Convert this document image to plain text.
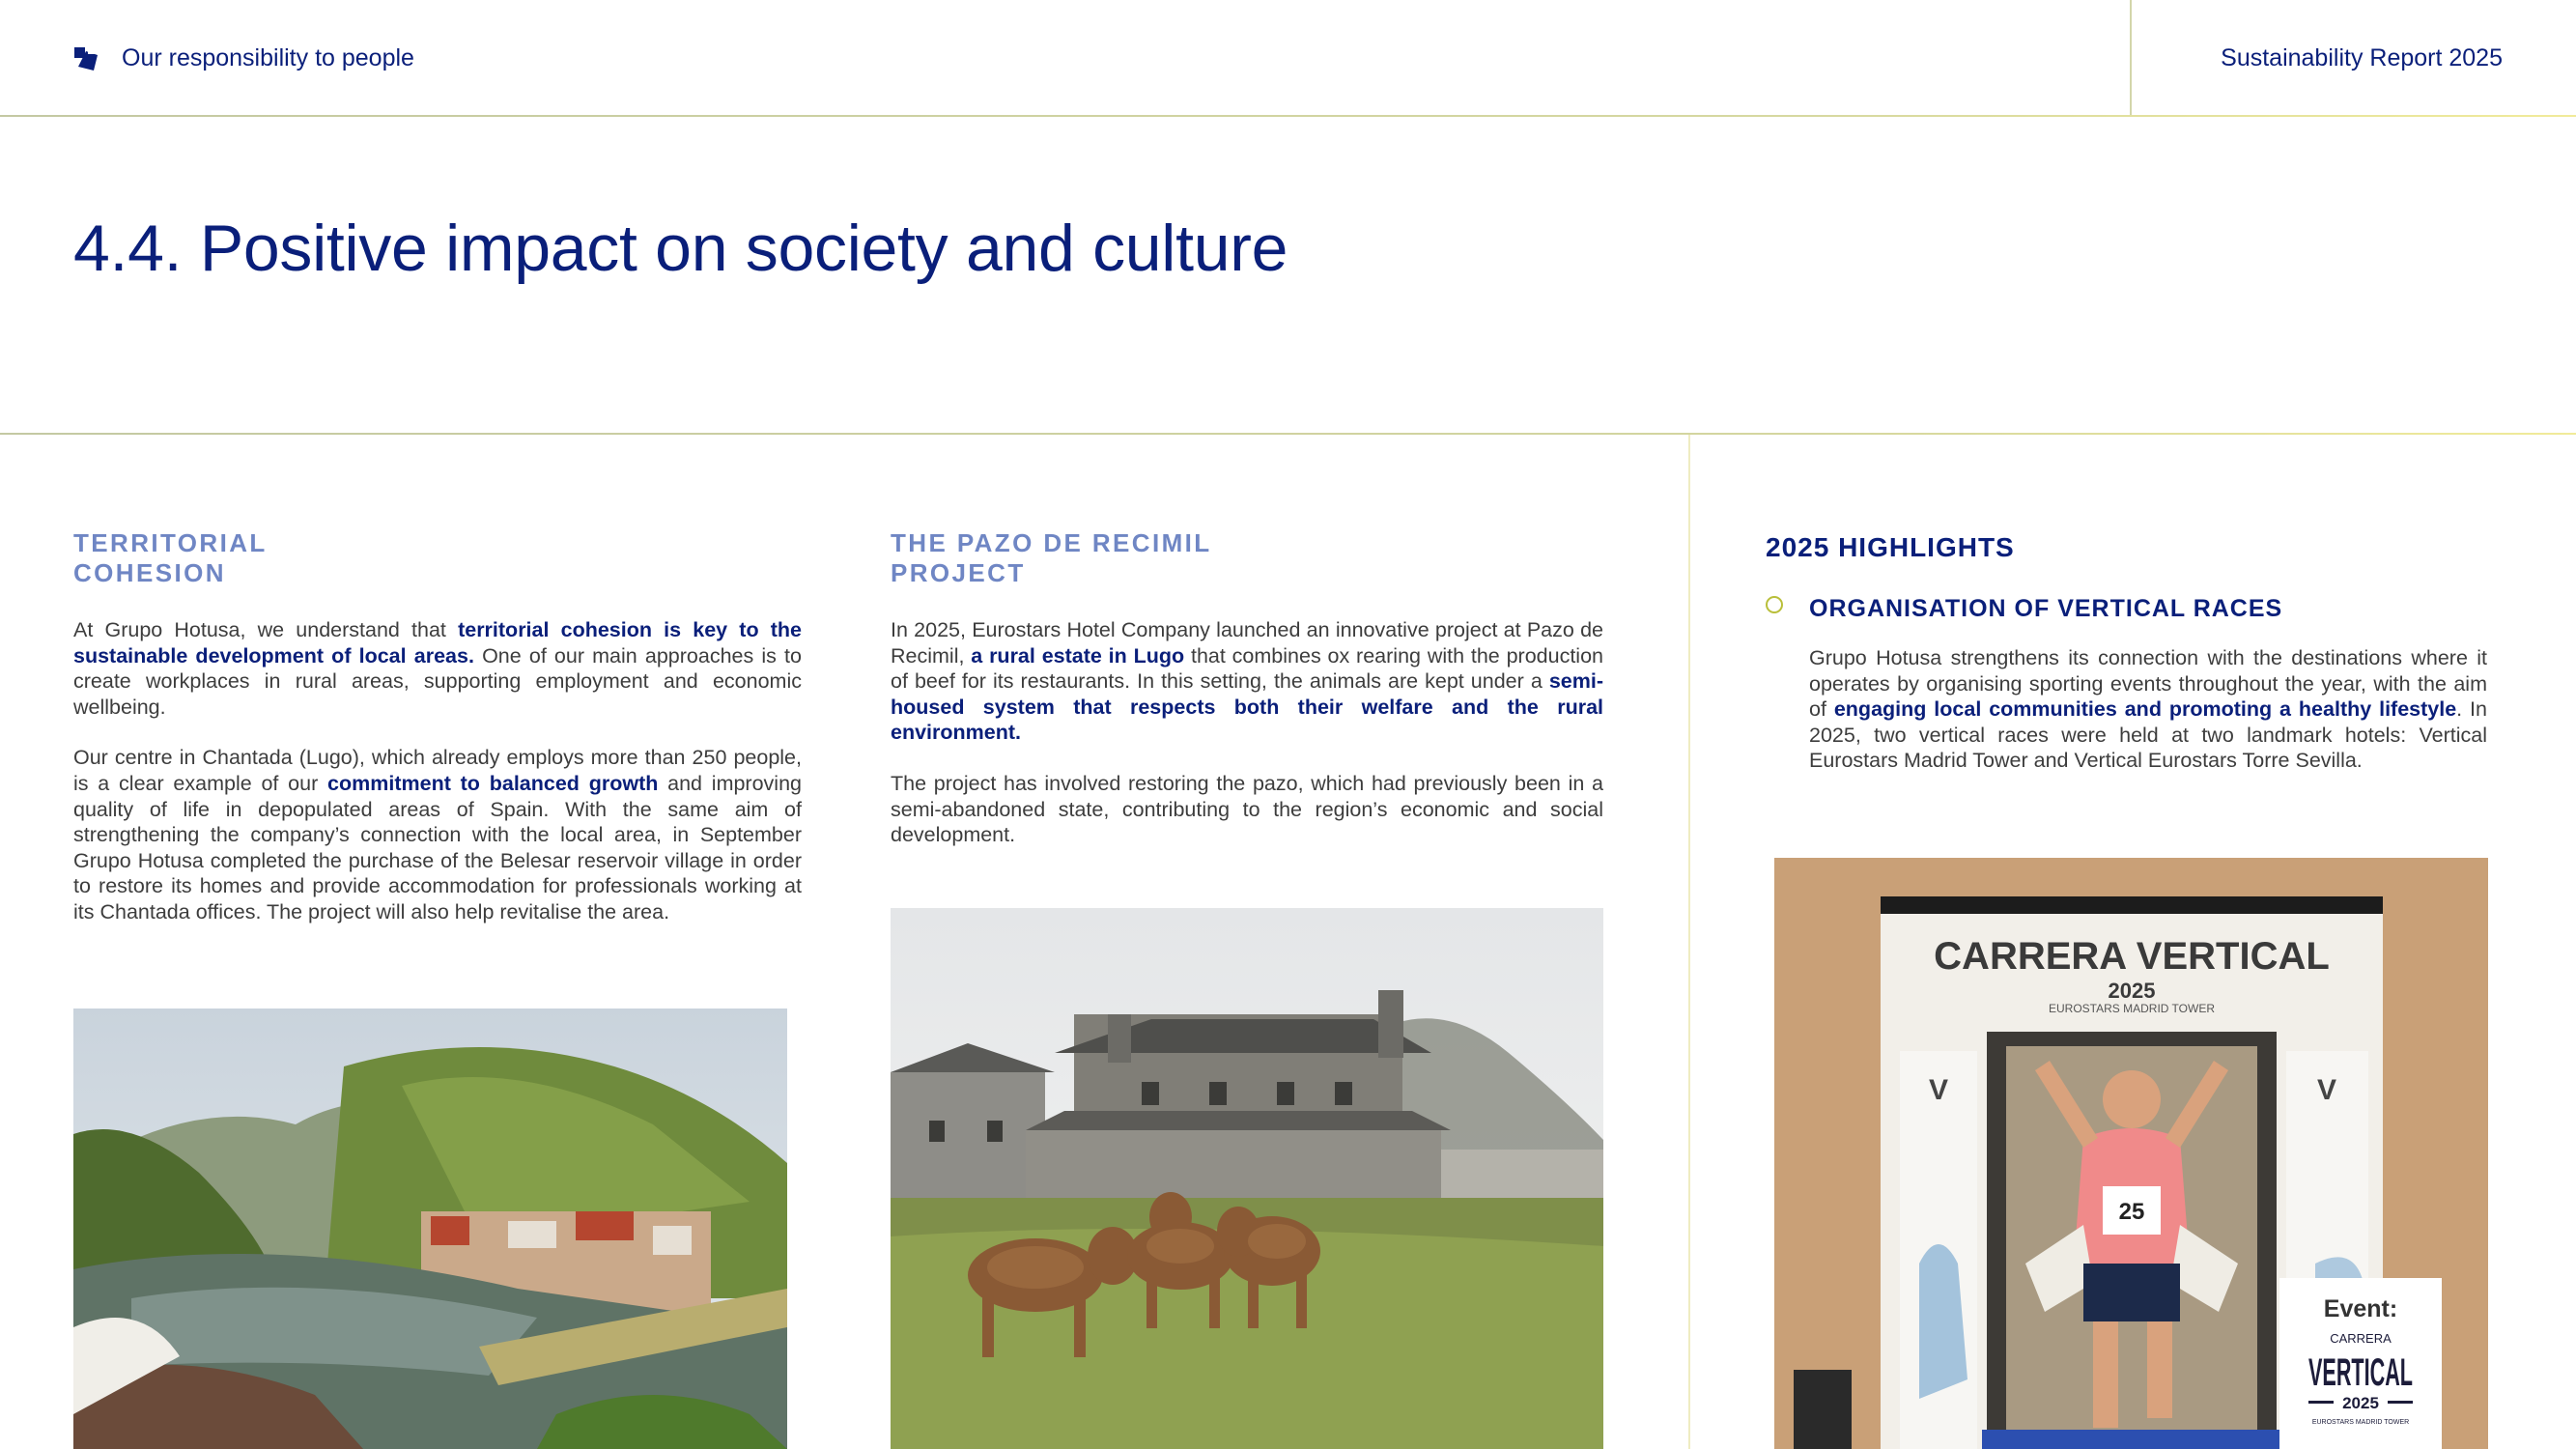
Our responsibility to people	Sustainability Report 2025
4.4. Positive impact on society and culture
TERRITORIAL
COHESION

At Grupo Hotusa, we understand that territorial cohesion is key to the sustainable development of local areas. One of our main approaches is to create workplaces in rural areas, supporting employment and economic wellbeing.

Our centre in Chantada (Lugo), which already employs more than 250 people, is a clear example of our commitment to balanced growth and improving quality of life in depopulated areas of Spain. With the same aim of strengthening the company’s connection with the local area, in September Grupo Hotusa completed the purchase of the Belesar reservoir village in order to restore its homes and provide accommodation for professionals working at its Chantada offices. The project will also help revitalise the area.

THE PAZO DE RECIMIL
PROJECT

In 2025, Eurostars Hotel Company launched an innovative project at Pazo de Recimil, a rural estate in Lugo that combines ox rearing with the production of beef for its restaurants. In this setting, the animals are kept under a semi-housed system that respects both their welfare and the rural environment.

The project has involved restoring the pazo, which had previously been in a semi-abandoned state, contributing to the region’s economic and social development.

2025 HIGHLIGHTS
ORGANISATION OF VERTICAL RACES
Grupo Hotusa strengthens its connection with the destinations where it operates by organising sporting events throughout the year, with the aim of engaging local communities and promoting a healthy lifestyle. In 2025, two vertical races were held at two landmark hotels: Vertical Eurostars Madrid Tower and Vertical Eurostars Torre Sevilla.
CARRERA VERTICAL
2025
EUROSTARS MADRID TOWER
V	V
25
Event:
CARRERA
VERTICAL
2025
EUROSTARS MADRID TOWER
